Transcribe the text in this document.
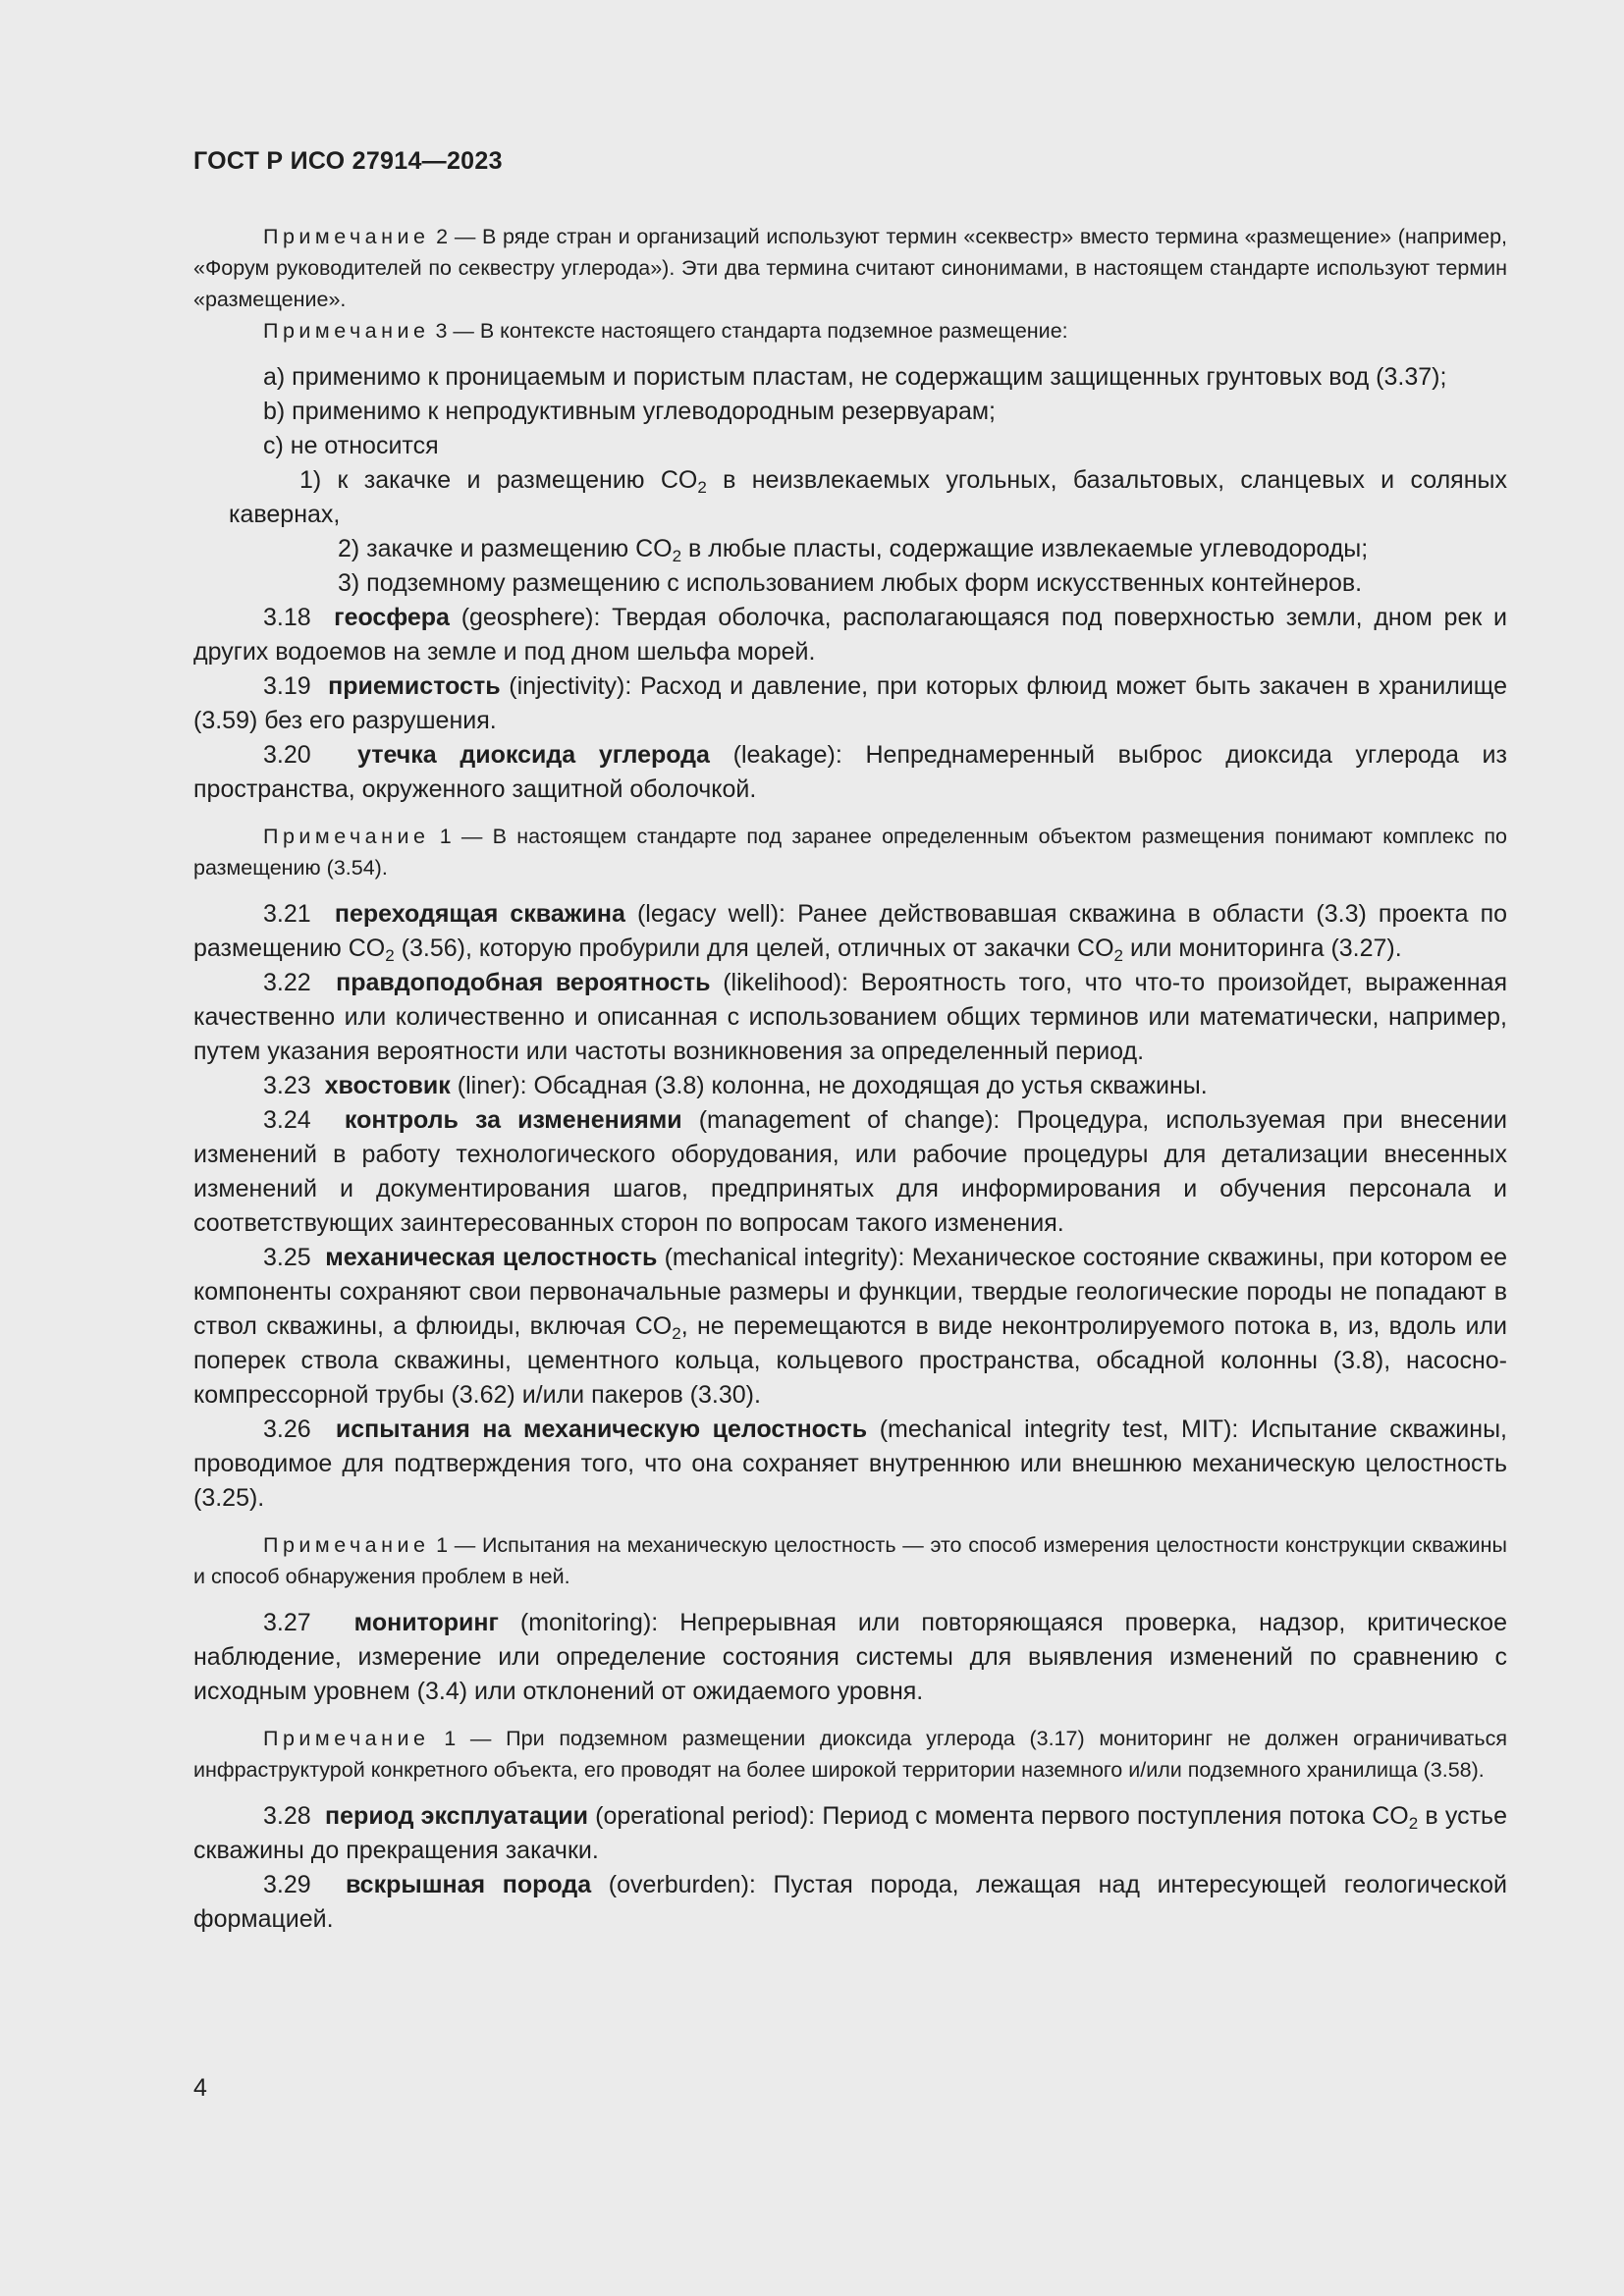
ГОСТ Р ИСО 27914—2023

Примечание 2 — В ряде стран и организаций используют термин «секвестр» вместо термина «размещение» (например, «Форум руководителей по секвестру углерода»). Эти два термина считают синонимами, в настоящем стандарте используют термин «размещение».

Примечание 3 — В контексте настоящего стандарта подземное размещение:

a) применимо к проницаемым и пористым пластам, не содержащим защищенных грунтовых вод (3.37);

b) применимо к непродуктивным углеводородным резервуарам;

c) не относится

1) к закачке и размещению $CO_2$ в неизвлекаемых угольных, базальтовых, сланцевых и соляных кавернах,

2) закачке и размещению $CO_2$ в любые пласты, содержащие извлекаемые углеводороды;

3) подземному размещению с использованием любых форм искусственных контейнеров.

3.18 геосфера (geosphere): Твердая оболочка, располагающаяся под поверхностью земли, дном рек и других водоемов на земле и под дном шельфа морей.

3.19 приемистость (injectivity): Расход и давление, при которых флюид может быть закачен в хранилище (3.59) без его разрушения.

3.20 утечка диоксида углерода (leakage): Непреднамеренный выброс диоксида углерода из пространства, окруженного защитной оболочкой.

Примечание 1 — В настоящем стандарте под заранее определенным объектом размещения понимают комплекс по размещению (3.54).

3.21 переходящая скважина (legacy well): Ранее действовавшая скважина в области (3.3) проекта по размещению $CO_2$ (3.56), которую пробурили для целей, отличных от закачки $CO_2$ или мониторинга (3.27).

3.22 правдоподобная вероятность (likelihood): Вероятность того, что что-то произойдет, выраженная качественно или количественно и описанная с использованием общих терминов или математически, например, путем указания вероятности или частоты возникновения за определенный период.

3.23 хвостовик (liner): Обсадная (3.8) колонна, не доходящая до устья скважины.

3.24 контроль за изменениями (management of change): Процедура, используемая при внесении изменений в работу технологического оборудования, или рабочие процедуры для детализации внесенных изменений и документирования шагов, предпринятых для информирования и обучения персонала и соответствующих заинтересованных сторон по вопросам такого изменения.

3.25 механическая целостность (mechanical integrity): Механическое состояние скважины, при котором ее компоненты сохраняют свои первоначальные размеры и функции, твердые геологические породы не попадают в ствол скважины, а флюиды, включая $CO_2$, не перемещаются в виде неконтролируемого потока в, из, вдоль или поперек ствола скважины, цементного кольца, кольцевого пространства, обсадной колонны (3.8), насосно-компрессорной трубы (3.62) и/или пакеров (3.30).

3.26 испытания на механическую целостность (mechanical integrity test, MIT): Испытание скважины, проводимое для подтверждения того, что она сохраняет внутреннюю или внешнюю механическую целостность (3.25).

Примечание 1 — Испытания на механическую целостность — это способ измерения целостности конструкции скважины и способ обнаружения проблем в ней.

3.27 мониторинг (monitoring): Непрерывная или повторяющаяся проверка, надзор, критическое наблюдение, измерение или определение состояния системы для выявления изменений по сравнению с исходным уровнем (3.4) или отклонений от ожидаемого уровня.

Примечание 1 — При подземном размещении диоксида углерода (3.17) мониторинг не должен ограничиваться инфраструктурой конкретного объекта, его проводят на более широкой территории наземного и/или подземного хранилища (3.58).

3.28 период эксплуатации (operational period): Период с момента первого поступления потока $CO_2$ в устье скважины до прекращения закачки.

3.29 вскрышная порода (overburden): Пустая порода, лежащая над интересующей геологической формацией.

4
